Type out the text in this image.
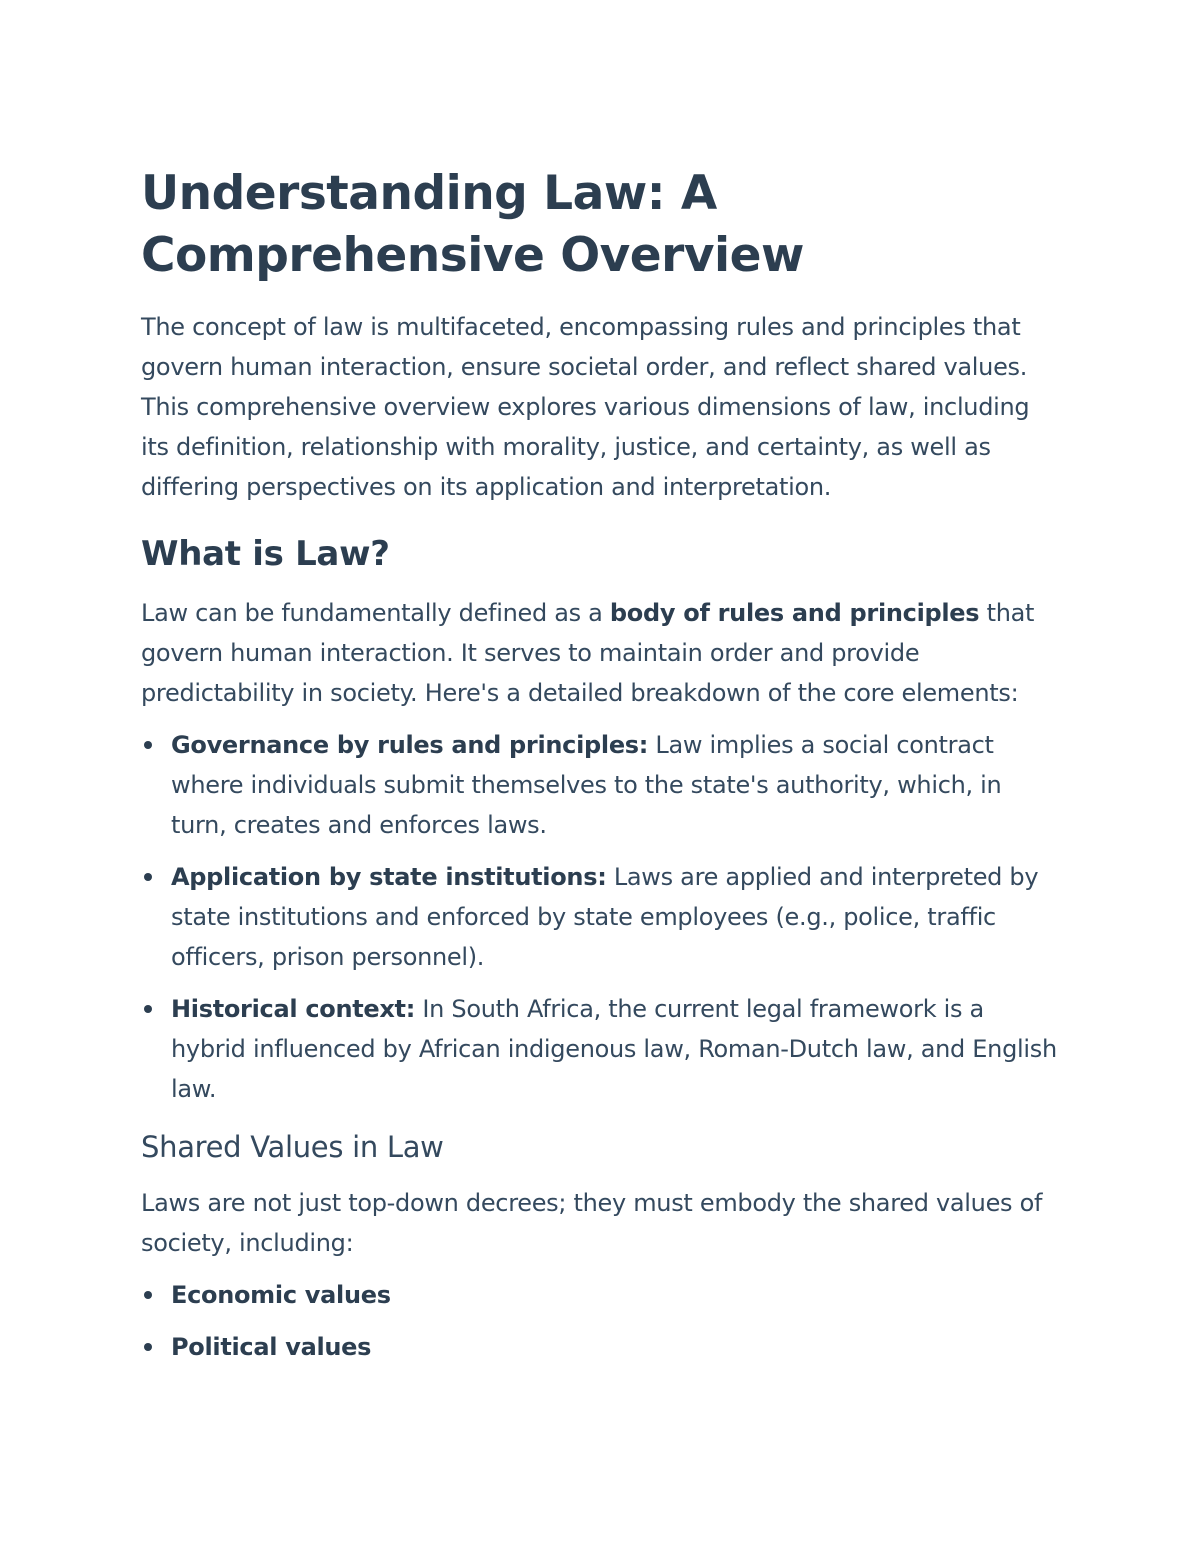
Understanding Law: A Comprehensive Overview

The concept of law is multifaceted, encompassing rules and principles that govern human interaction, ensure societal order, and reflect shared values. This comprehensive overview explores various dimensions of law, including its definition, relationship with morality, justice, and certainty, as well as differing perspectives on its application and interpretation.

What is Law?

Law can be fundamentally defined as a body of rules and principles that govern human interaction. It serves to maintain order and provide predictability in society. Here's a detailed breakdown of the core elements:

Governance by rules and principles: Law implies a social contract where individuals submit themselves to the state's authority, which, in turn, creates and enforces laws.
Application by state institutions: Laws are applied and interpreted by state institutions and enforced by state employees (e.g., police, traffic officers, prison personnel).
Historical context: In South Africa, the current legal framework is a hybrid influenced by African indigenous law, Roman-Dutch law, and English law.
Shared Values in Law

Laws are not just top-down decrees; they must embody the shared values of society, including:

Economic values
Political values
